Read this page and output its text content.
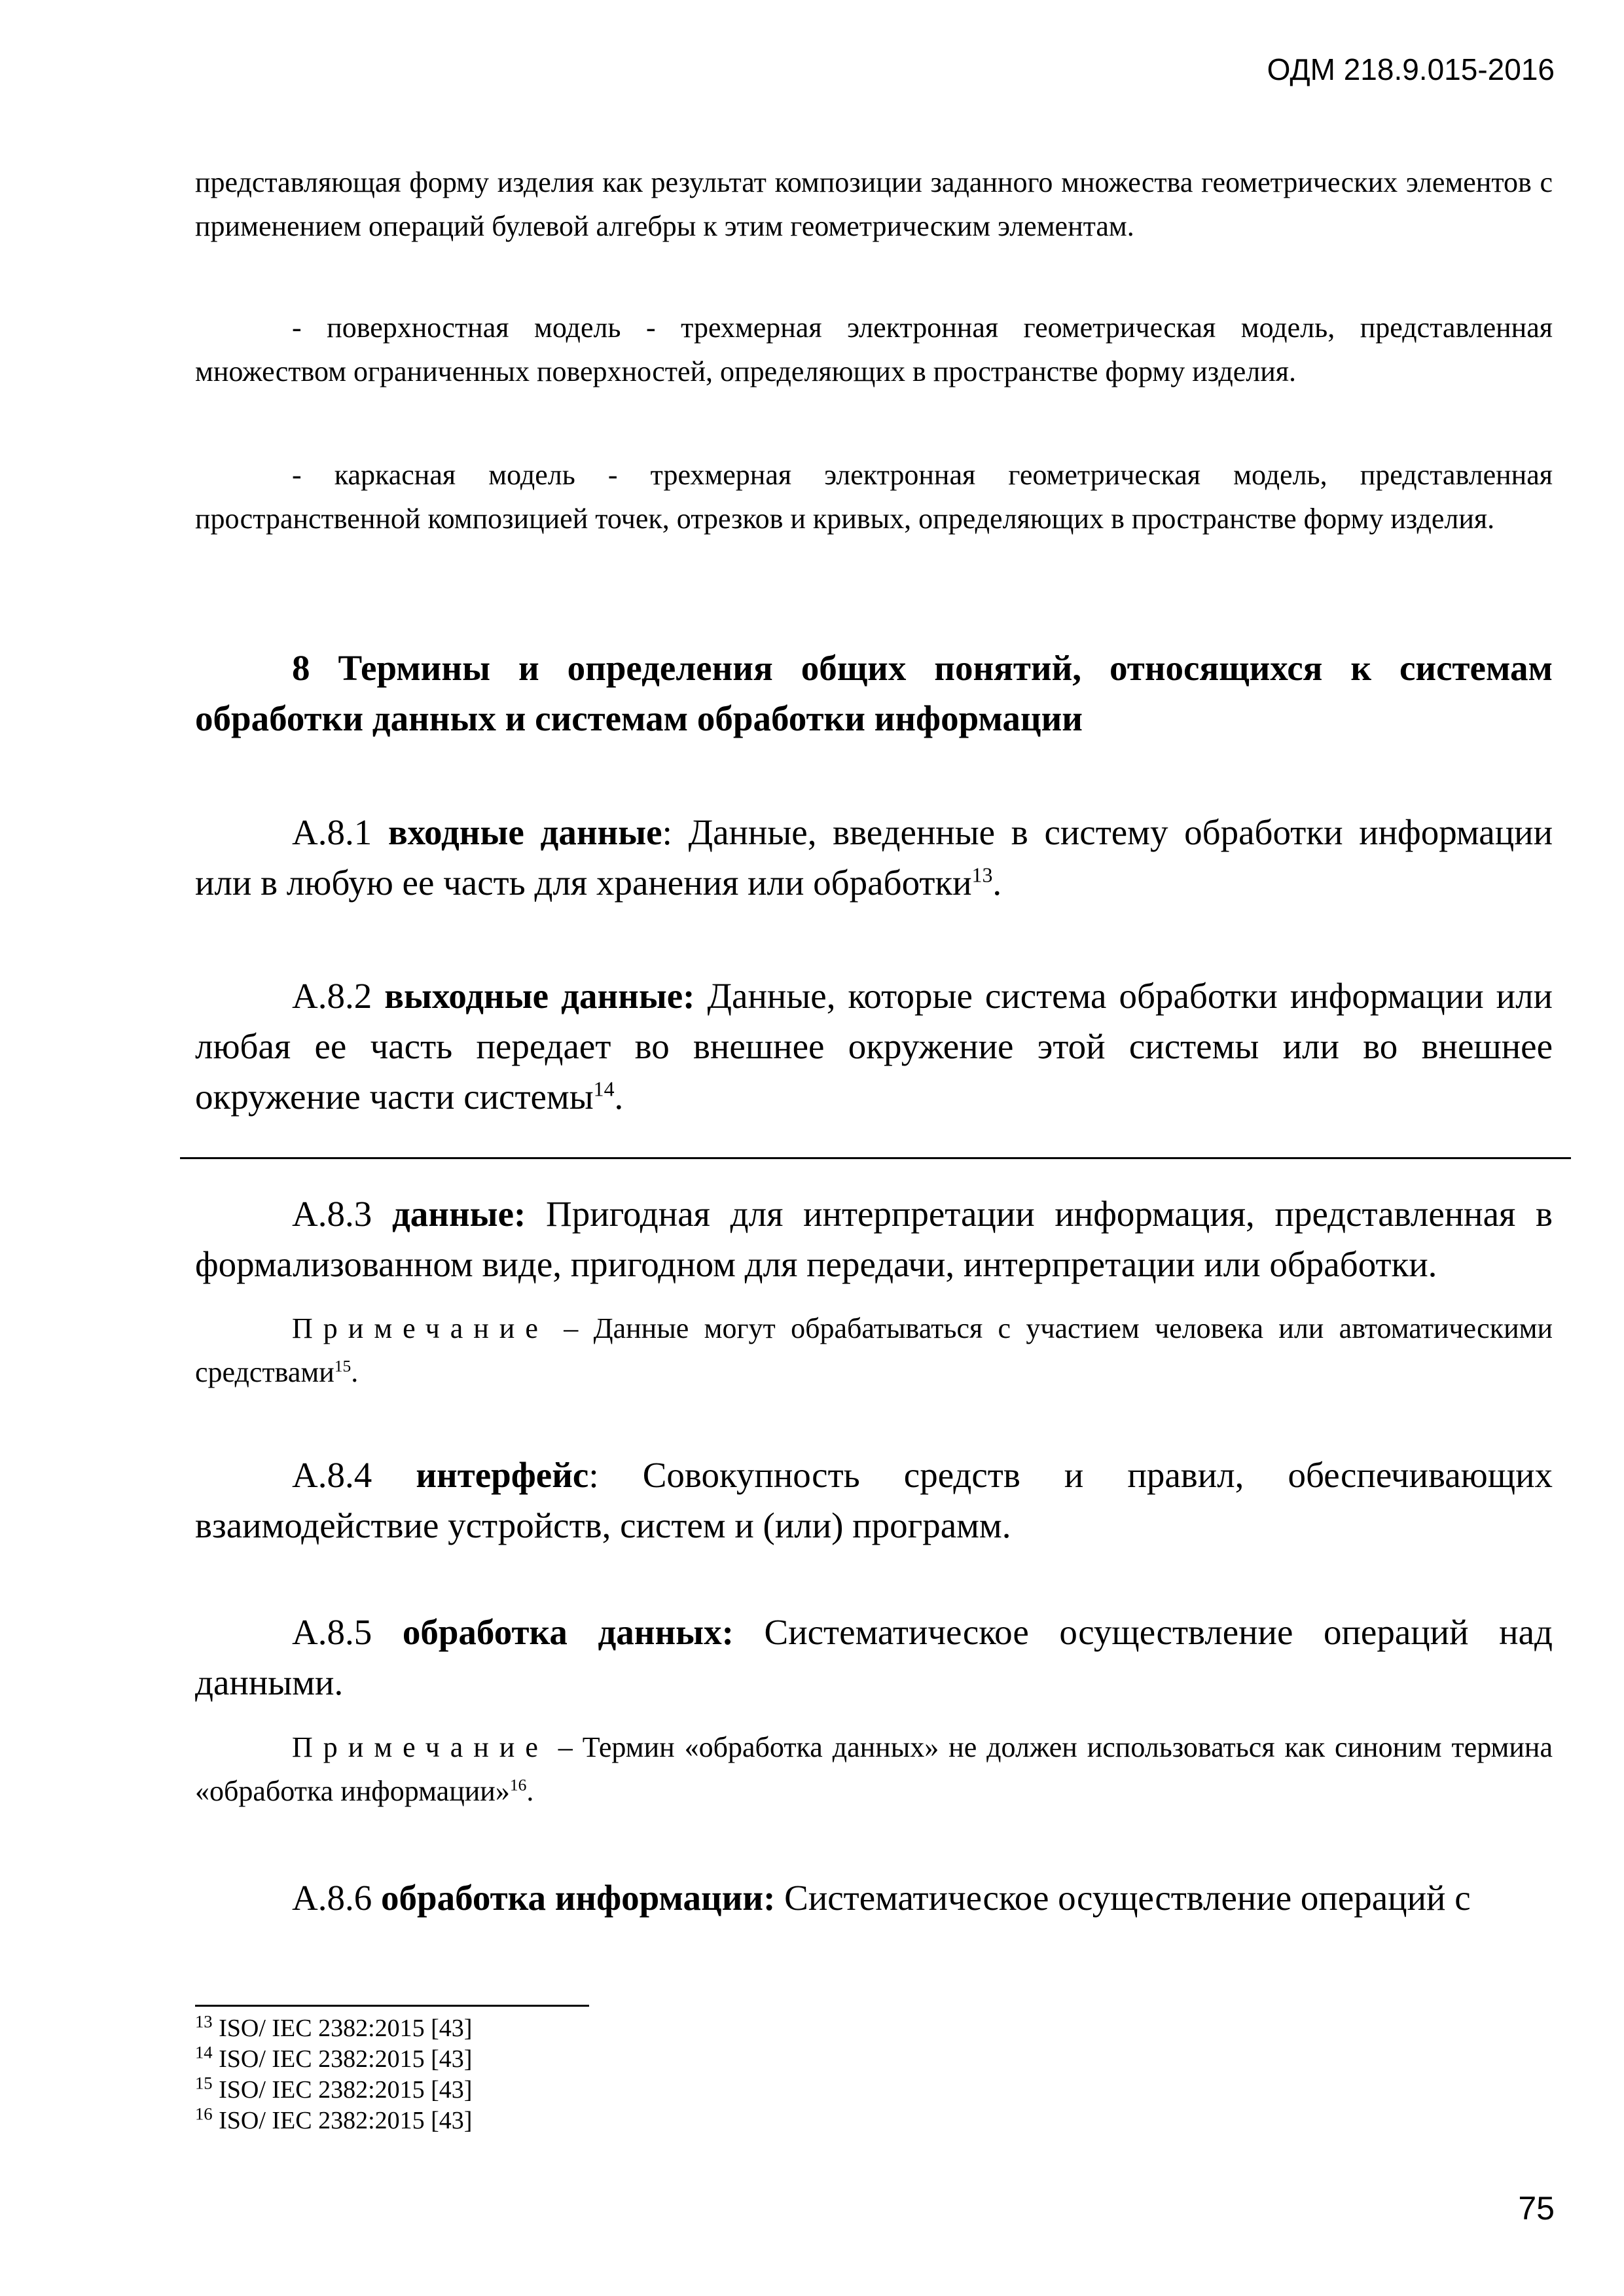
ОДМ 218.9.015-2016

представляющая форму изделия как результат композиции заданного множества геометрических элементов с применением операций булевой алгебры к этим геометрическим элементам.

- поверхностная модель - трехмерная электронная геометрическая модель, представленная множеством ограниченных поверхностей, определяющих в пространстве форму изделия.

- каркасная модель - трехмерная электронная геометрическая модель, представленная пространственной композицией точек, отрезков и кривых, определяющих в пространстве форму изделия.

8 Термины и определения общих понятий, относящихся к системам обработки данных и системам обработки информации

А.8.1 входные данные: Данные, введенные в систему обработки информации или в любую ее часть для хранения или обработки$^{13}$.

А.8.2 выходные данные: Данные, которые система обработки информации или любая ее часть передает во внешнее окружение этой системы или во внешнее окружение части системы$^{14}$.

А.8.3 данные: Пригодная для интерпретации информация, представленная в формализованном виде, пригодном для передачи, интерпретации или обработки.

Примечание – Данные могут обрабатываться с участием человека или автоматическими средствами$^{15}$.

А.8.4 интерфейс: Совокупность средств и правил, обеспечивающих взаимодействие устройств, систем и (или) программ.

А.8.5 обработка данных: Систематическое осуществление операций над данными.

Примечание – Термин «обработка данных» не должен использоваться как синоним термина «обработка информации»$^{16}$.

А.8.6 обработка информации: Систематическое осуществление операций с

$^{13}$ ISO/ IEC 2382:2015 [43]
$^{14}$ ISO/ IEC 2382:2015 [43]
$^{15}$ ISO/ IEC 2382:2015 [43]
$^{16}$ ISO/ IEC 2382:2015 [43]
75
